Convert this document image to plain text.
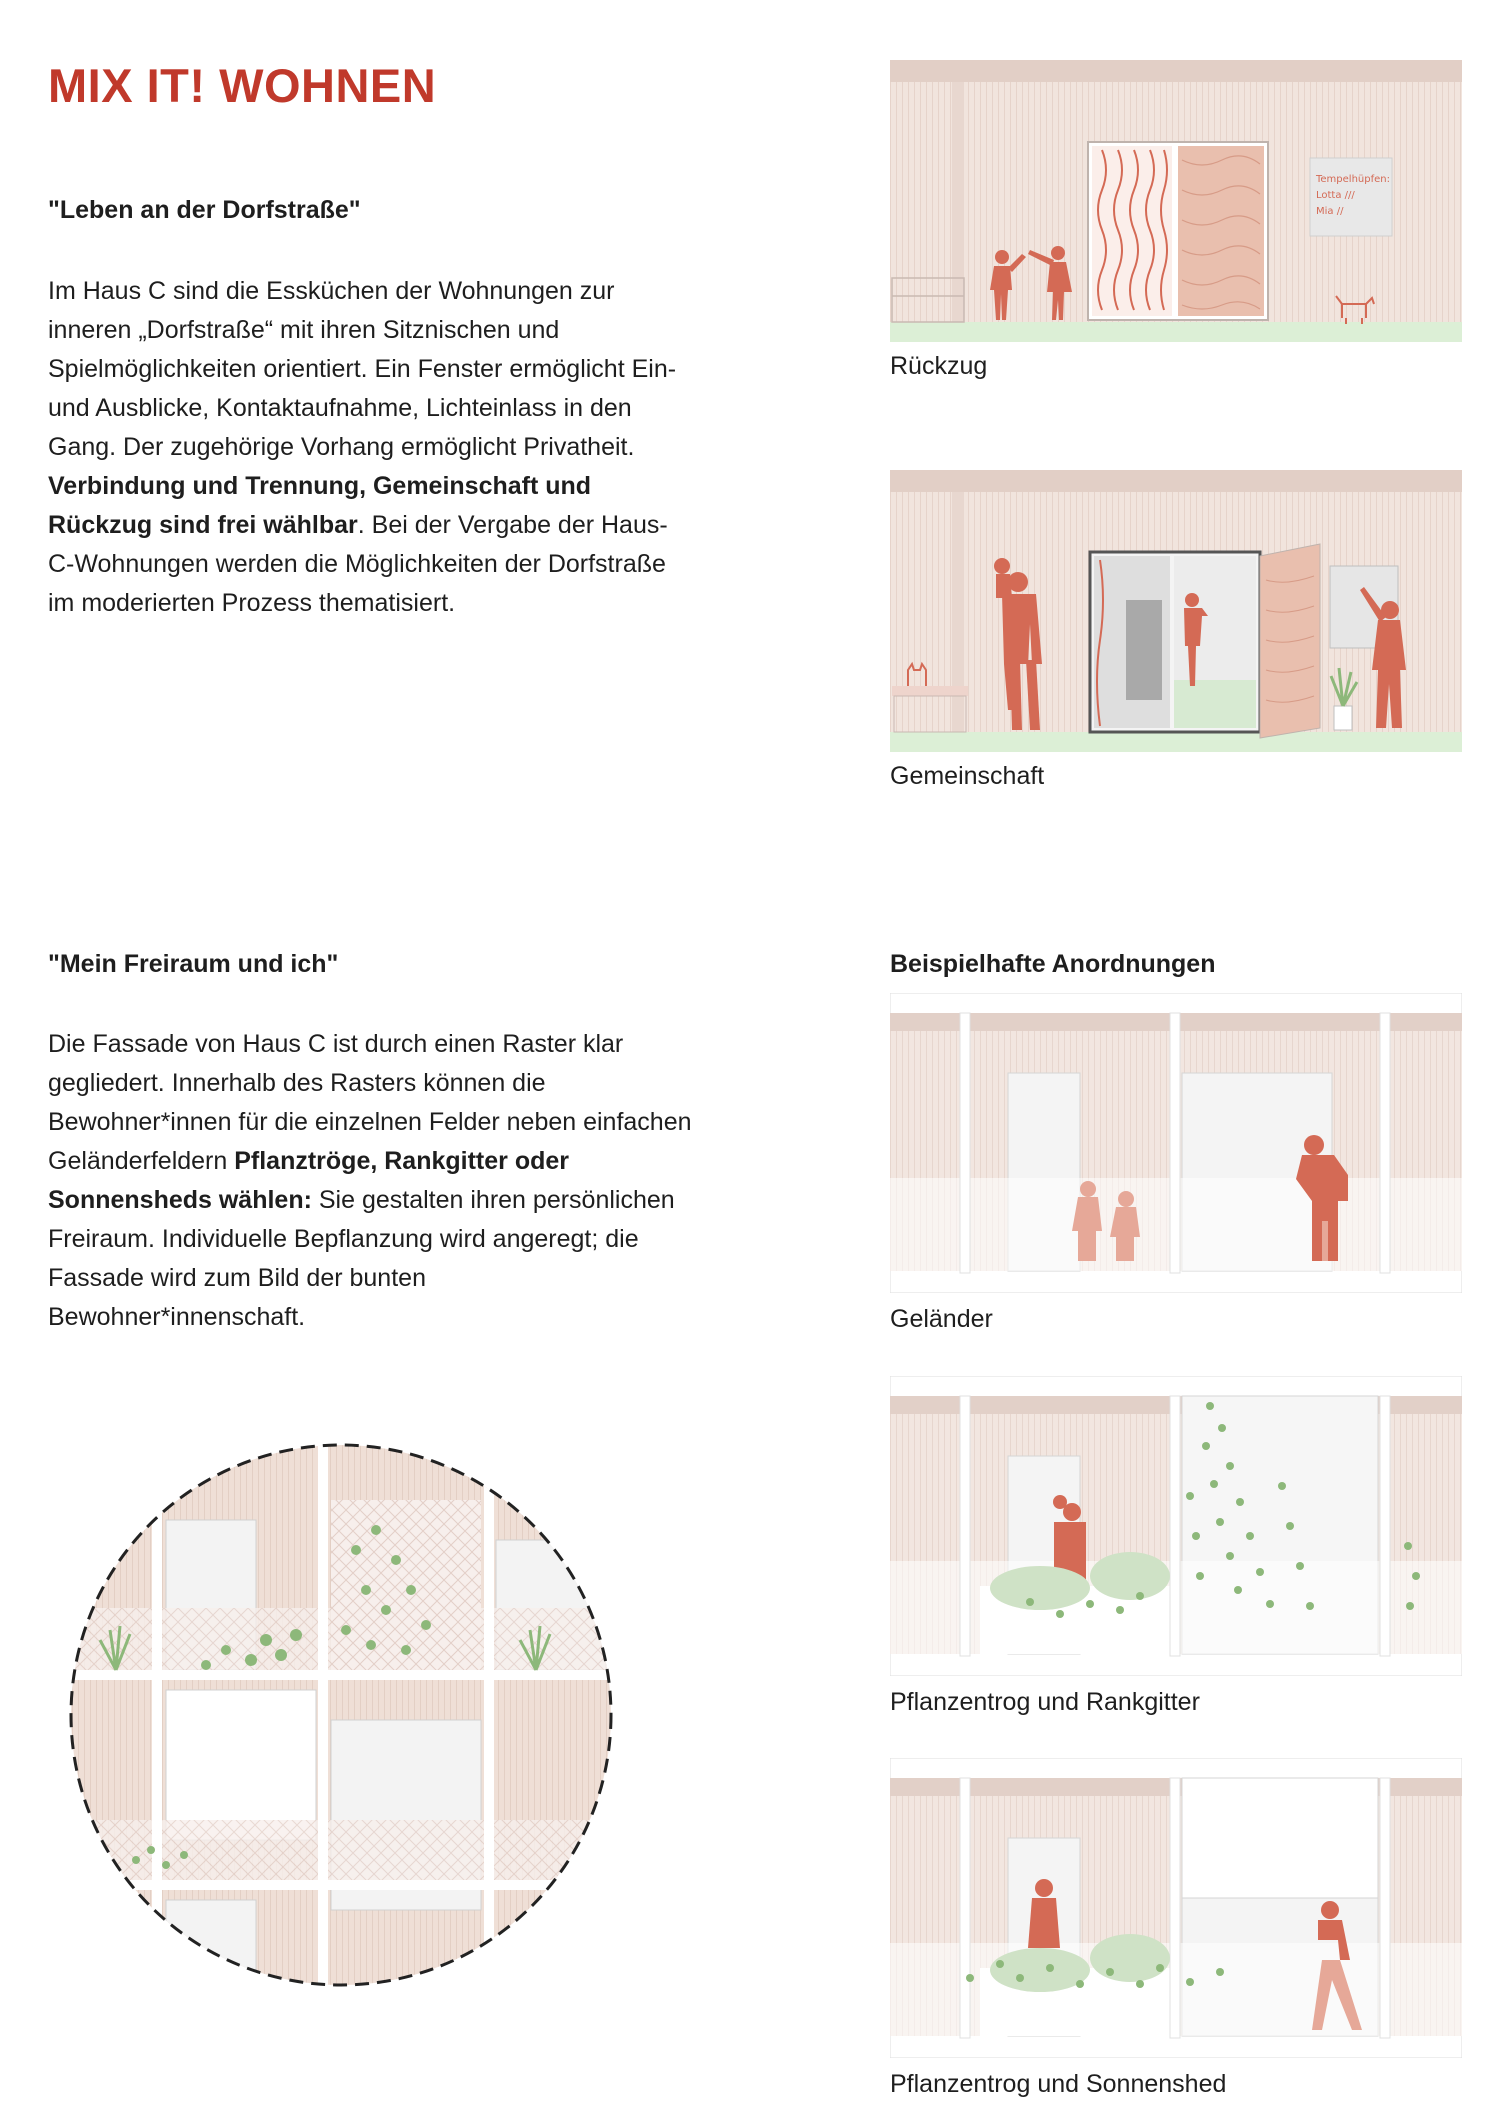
MIX IT! WOHNEN
"Leben an der Dorfstraße"
Im Haus C sind die Essküchen der Wohnungen zur
inneren „Dorfstraße“ mit ihren Sitznischen und
Spielmöglichkeiten orientiert. Ein Fenster ermöglicht Ein-
und Ausblicke, Kontaktaufnahme, Lichteinlass in den
Gang. Der zugehörige Vorhang ermöglicht Privatheit.
Verbindung und Trennung, Gemeinschaft und
Rückzug sind frei wählbar. Bei der Vergabe der Haus-
C-Wohnungen werden die Möglichkeiten der Dorfstraße
im moderierten Prozess thematisiert.
Tempelhüpfen:
Lotta ///
Mia //

Rückzug

Gemeinschaft

"Mein Freiraum und ich"
Die Fassade von Haus C ist durch einen Raster klar
gegliedert. Innerhalb des Rasters können die
Bewohner*innen für die einzelnen Felder neben einfachen
Geländerfeldern Pflanztröge, Rankgitter oder
Sonnensheds wählen: Sie gestalten ihren persönlichen
Freiraum. Individuelle Bepflanzung wird angeregt; die
Fassade wird zum Bild der bunten
Bewohner*innenschaft.
Beispielhafte Anordnungen

Geländer

Pflanzentrog und Rankgitter

Pflanzentrog und Sonnenshed
